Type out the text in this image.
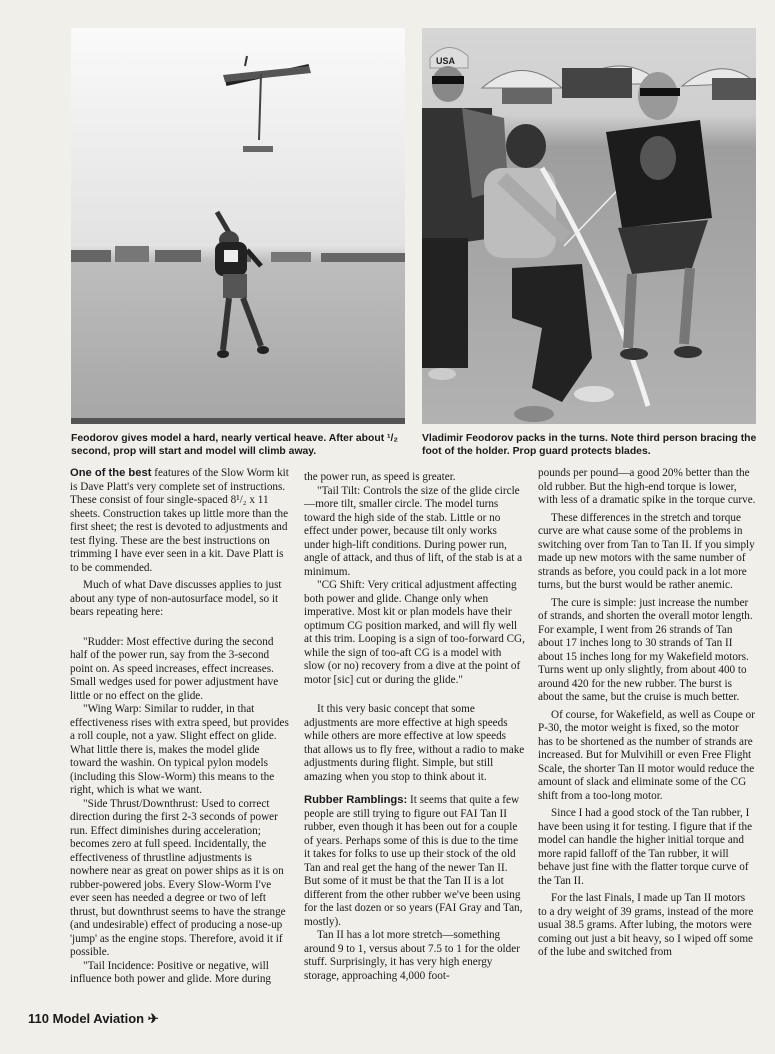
USA

Feodorov gives model a hard, nearly vertical heave. After about ¹/₂ second, prop will start and model will climb away.

Vladimir Feodorov packs in the turns. Note third person bracing the foot of the holder. Prop guard protects blades.

One of the best features of the Slow Worm kit is Dave Platt's very complete set of instructions. These consist of four single-spaced 8¹/₂ x 11 sheets. Construction takes up little more than the first sheet; the rest is devoted to adjustments and test flying. These are the best instructions on trimming I have ever seen in a kit. Dave Platt is to be commended.

Much of what Dave discusses applies to just about any type of non-autosurface model, so it bears repeating here:

"Rudder: Most effective during the second half of the power run, say from the 3-second point on. As speed increases, effect increases. Small wedges used for power adjustment have little or no effect on the glide.

"Wing Warp: Similar to rudder, in that effectiveness rises with extra speed, but provides a roll couple, not a yaw. Slight effect on glide. What little there is, makes the model glide toward the washin. On typical pylon models (including this Slow-Worm) this means to the right, which is what we want.

"Side Thrust/Downthrust: Used to correct direction during the first 2-3 seconds of power run. Effect diminishes during acceleration; becomes zero at full speed. Incidentally, the effectiveness of thrustline adjustments is nowhere near as great on power ships as it is on rubber-powered jobs. Every Slow-Worm I've ever seen has needed a degree or two of left thrust, but downthrust seems to have the strange (and undesirable) effect of producing a nose-up 'jump' as the engine stops. Therefore, avoid it if possible.

"Tail Incidence: Positive or negative, will influence both power and glide. More during

the power run, as speed is greater.

"Tail Tilt: Controls the size of the glide circle—more tilt, smaller circle. The model turns toward the high side of the stab. Little or no effect under power, because tilt only works under high-lift conditions. During power run, angle of attack, and thus of lift, of the stab is at a minimum.

"CG Shift: Very critical adjustment affecting both power and glide. Change only when imperative. Most kit or plan models have their optimum CG position marked, and will fly well at this trim. Looping is a sign of too-forward CG, while the sign of too-aft CG is a model with slow (or no) recovery from a dive at the point of motor [sic] cut or during the glide."

It this very basic concept that some adjustments are more effective at high speeds while others are more effective at low speeds that allows us to fly free, without a radio to make adjustments during flight. Simple, but still amazing when you stop to think about it.

Rubber Ramblings: It seems that quite a few people are still trying to figure out FAI Tan II rubber, even though it has been out for a couple of years. Perhaps some of this is due to the time it takes for folks to use up their stock of the old Tan and real get the hang of the newer Tan II. But some of it must be that the Tan II is a lot different from the other rubber we've been using for the last dozen or so years (FAI Gray and Tan, mostly).

Tan II has a lot more stretch—something around 9 to 1, versus about 7.5 to 1 for the older stuff. Surprisingly, it has very high energy storage, approaching 4,000 foot-

pounds per pound—a good 20% better than the old rubber. But the high-end torque is lower, with less of a dramatic spike in the torque curve.

These differences in the stretch and torque curve are what cause some of the problems in switching over from Tan to Tan II. If you simply made up new motors with the same number of strands as before, you could pack in a lot more turns, but the burst would be rather anemic.

The cure is simple: just increase the number of strands, and shorten the overall motor length. For example, I went from 26 strands of Tan about 17 inches long to 30 strands of Tan II about 15 inches long for my Wakefield motors. Turns went up only slightly, from about 400 to around 420 for the new rubber. The burst is about the same, but the cruise is much better.

Of course, for Wakefield, as well as Coupe or P-30, the motor weight is fixed, so the motor has to be shortened as the number of strands are increased. But for Mulvihill or even Free Flight Scale, the shorter Tan II motor would reduce the amount of slack and eliminate some of the CG shift from a too-long motor.

Since I had a good stock of the Tan rubber, I have been using it for testing. I figure that if the model can handle the higher initial torque and more rapid falloff of the Tan rubber, it will behave just fine with the flatter torque curve of the Tan II.

For the last Finals, I made up Tan II motors to a dry weight of 39 grams, instead of the more usual 38.5 grams. After lubing, the motors were coming out just a bit heavy, so I wiped off some of the lube and switched from

110 Model Aviation ✈
